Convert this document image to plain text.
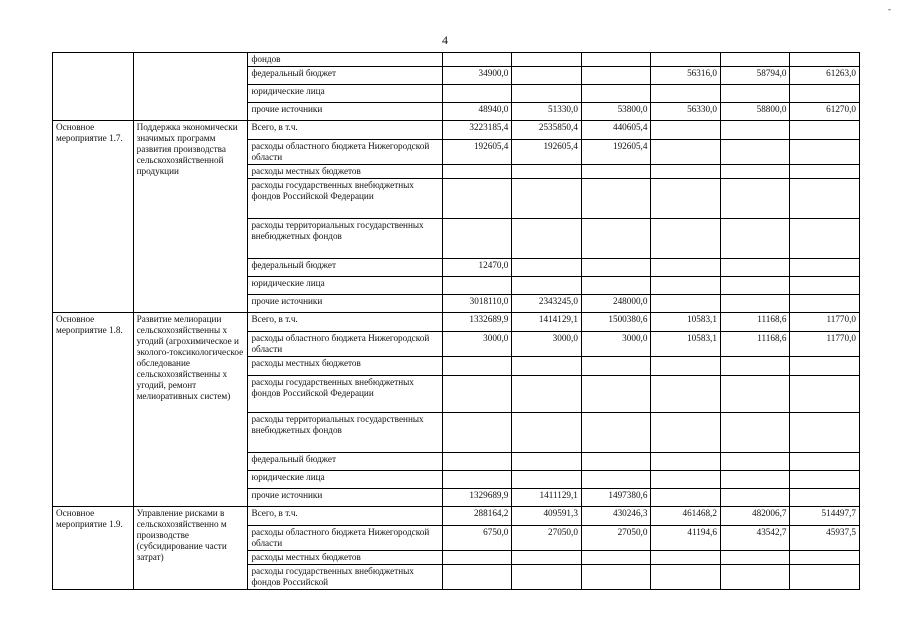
-
4
		фондов						
		федеральный бюджет	34900,0			56316,0	58794,0	61263,0
		юридические лица						
		прочие источники	48940,0	51330,0	53800,0	56330,0	58800,0	61270,0
Основное мероприятие 1.7.	Поддержка экономически значимых программ развития производства сельскохозяйственной продукции	Всего, в т.ч.	3223185,4	2535850,4	440605,4			
		расходы областного бюджета Нижегородской области	192605,4	192605,4	192605,4			
		расходы местных бюджетов						
		расходы государственных внебюджетных фондов Российской Федерации						
		расходы территориальных государственных внебюджетных фондов						
		федеральный бюджет	12470,0					
		юридические лица						
		прочие источники	3018110,0	2343245,0	248000,0			
Основное мероприятие 1.8.	Развитие мелиорации сельскохозяйственны х угодий (агрохимическое и эколого-токсикологическое обследование сельскохозяйственны х угодий, ремонт мелиоративных систем)	Всего, в т.ч.	1332689,9	1414129,1	1500380,6	10583,1	11168,6	11770,0
		расходы областного бюджета Нижегородской области	3000,0	3000,0	3000,0	10583,1	11168,6	11770,0
		расходы местных бюджетов						
		расходы государственных внебюджетных фондов Российской Федерации						
		расходы территориальных государственных внебюджетных фондов						
		федеральный бюджет						
		юридические лица						
		прочие источники	1329689,9	1411129,1	1497380,6			
Основное мероприятие 1.9.	Управление рисками в сельскохозяйственно м производстве (субсидирование части затрат)	Всего, в т.ч.	288164,2	409591,3	430246,3	461468,2	482006,7	514497,7
		расходы областного бюджета Нижегородской области	6750,0	27050,0	27050,0	41194,6	43542,7	45937,5
		расходы местных бюджетов						
		расходы государственных внебюджетных фондов Российской						
